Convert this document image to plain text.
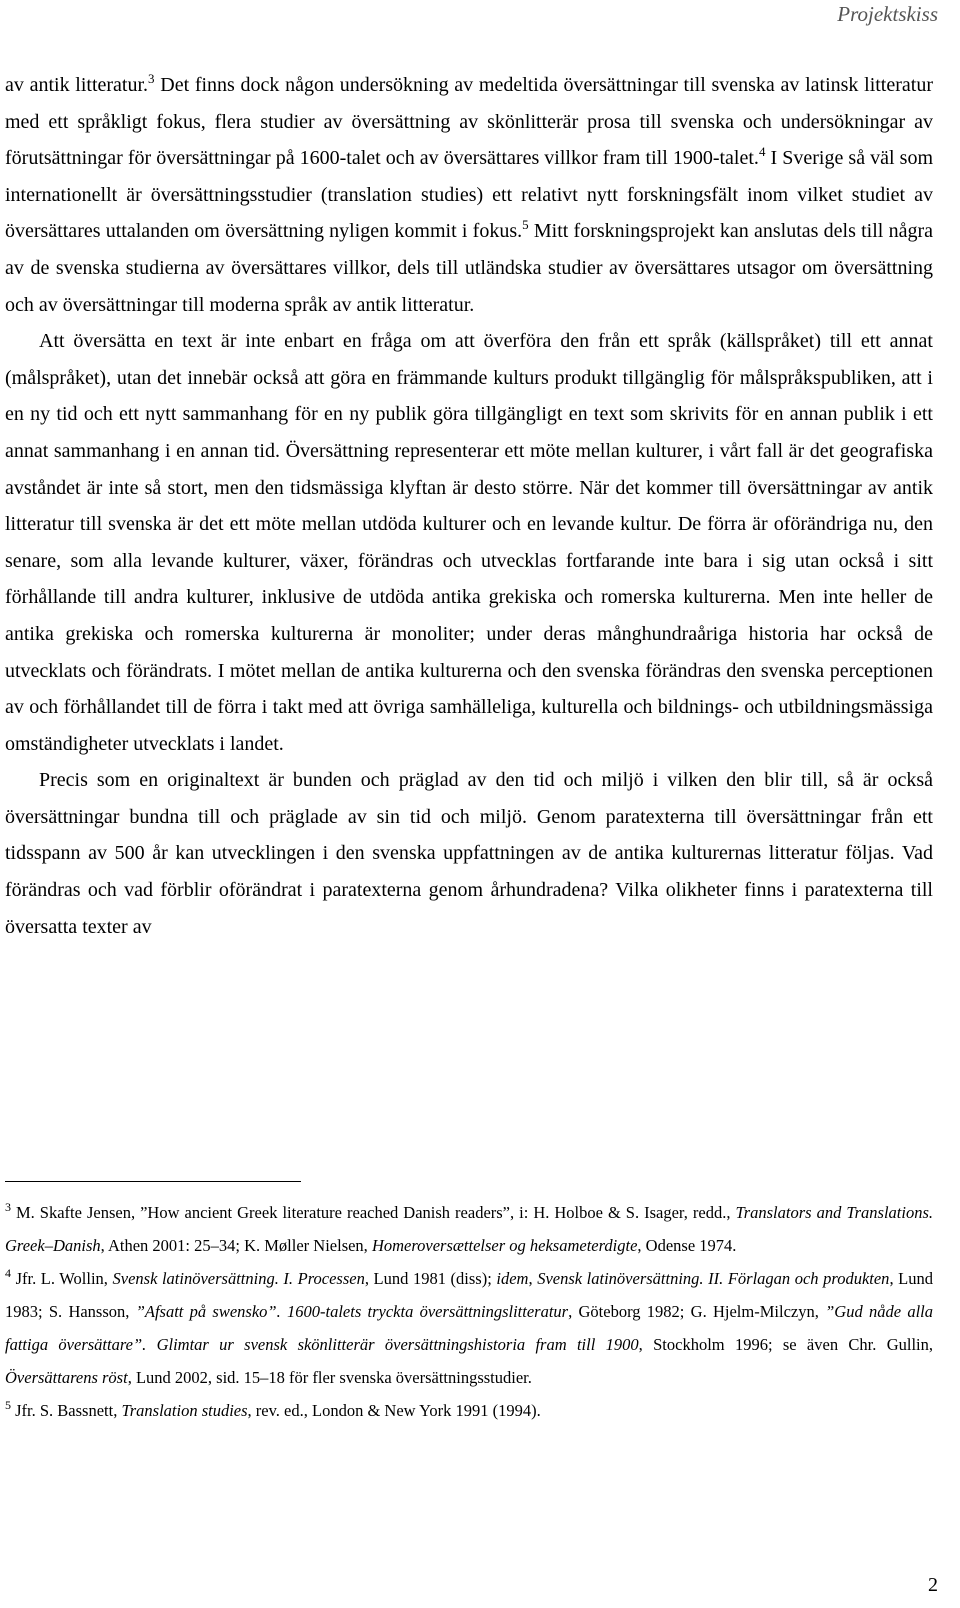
Projektskiss

av antik litteratur.$^3$ Det finns dock någon undersökning av medeltida översättningar till svenska av latinsk litteratur med ett språkligt fokus, flera studier av översättning av skönlitterär prosa till svenska och undersökningar av förutsättningar för översättningar på 1600-talet och av översättares villkor fram till 1900-talet.$^4$ I Sverige så väl som internationellt är översättningsstudier (translation studies) ett relativt nytt forskningsfält inom vilket studiet av översättares uttalanden om översättning nyligen kommit i fokus.$^5$ Mitt forskningsprojekt kan anslutas dels till några av de svenska studierna av översättares villkor, dels till utländska studier av översättares utsagor om översättning och av översättningar till moderna språk av antik litteratur.

Att översätta en text är inte enbart en fråga om att överföra den från ett språk (källspråket) till ett annat (målspråket), utan det innebär också att göra en främmande kulturs produkt tillgänglig för målspråkspubliken, att i en ny tid och ett nytt sammanhang för en ny publik göra tillgängligt en text som skrivits för en annan publik i ett annat sammanhang i en annan tid. Översättning representerar ett möte mellan kulturer, i vårt fall är det geografiska avståndet är inte så stort, men den tidsmässiga klyftan är desto större. När det kommer till översättningar av antik litteratur till svenska är det ett möte mellan utdöda kulturer och en levande kultur. De förra är oförändriga nu, den senare, som alla levande kulturer, växer, förändras och utvecklas fortfarande inte bara i sig utan också i sitt förhållande till andra kulturer, inklusive de utdöda antika grekiska och romerska kulturerna. Men inte heller de antika grekiska och romerska kulturerna är monoliter; under deras månghundraåriga historia har också de utvecklats och förändrats. I mötet mellan de antika kulturerna och den svenska förändras den svenska perceptionen av och förhållandet till de förra i takt med att övriga samhälleliga, kulturella och bildnings- och utbildningsmässiga omständigheter utvecklats i landet.

Precis som en originaltext är bunden och präglad av den tid och miljö i vilken den blir till, så är också översättningar bundna till och präglade av sin tid och miljö. Genom paratexterna till översättningar från ett tidsspann av 500 år kan utvecklingen i den svenska uppfattningen av de antika kulturernas litteratur följas. Vad förändras och vad förblir oförändrat i paratexterna genom århundradena? Vilka olikheter finns i paratexterna till översatta texter av

$^3$ M. Skafte Jensen, ”How ancient Greek literature reached Danish readers”, i: H. Holboe & S. Isager, redd., Translators and Translations. Greek–Danish, Athen 2001: 25–34; K. Møller Nielsen, Homeroversættelser og heksameterdigte, Odense 1974.

$^4$ Jfr. L. Wollin, Svensk latinöversättning. I. Processen, Lund 1981 (diss); idem, Svensk latinöversättning. II. Förlagan och produkten, Lund 1983; S. Hansson, ”Afsatt på swensko”. 1600-talets tryckta översättningslitteratur, Göteborg 1982; G. Hjelm-Milczyn, ”Gud nåde alla fattiga översättare”. Glimtar ur svensk skönlitterär översättningshistoria fram till 1900, Stockholm 1996; se även Chr. Gullin, Översättarens röst, Lund 2002, sid. 15–18 för fler svenska översättningsstudier.

$^5$ Jfr. S. Bassnett, Translation studies, rev. ed., London & New York 1991 (1994).

2
